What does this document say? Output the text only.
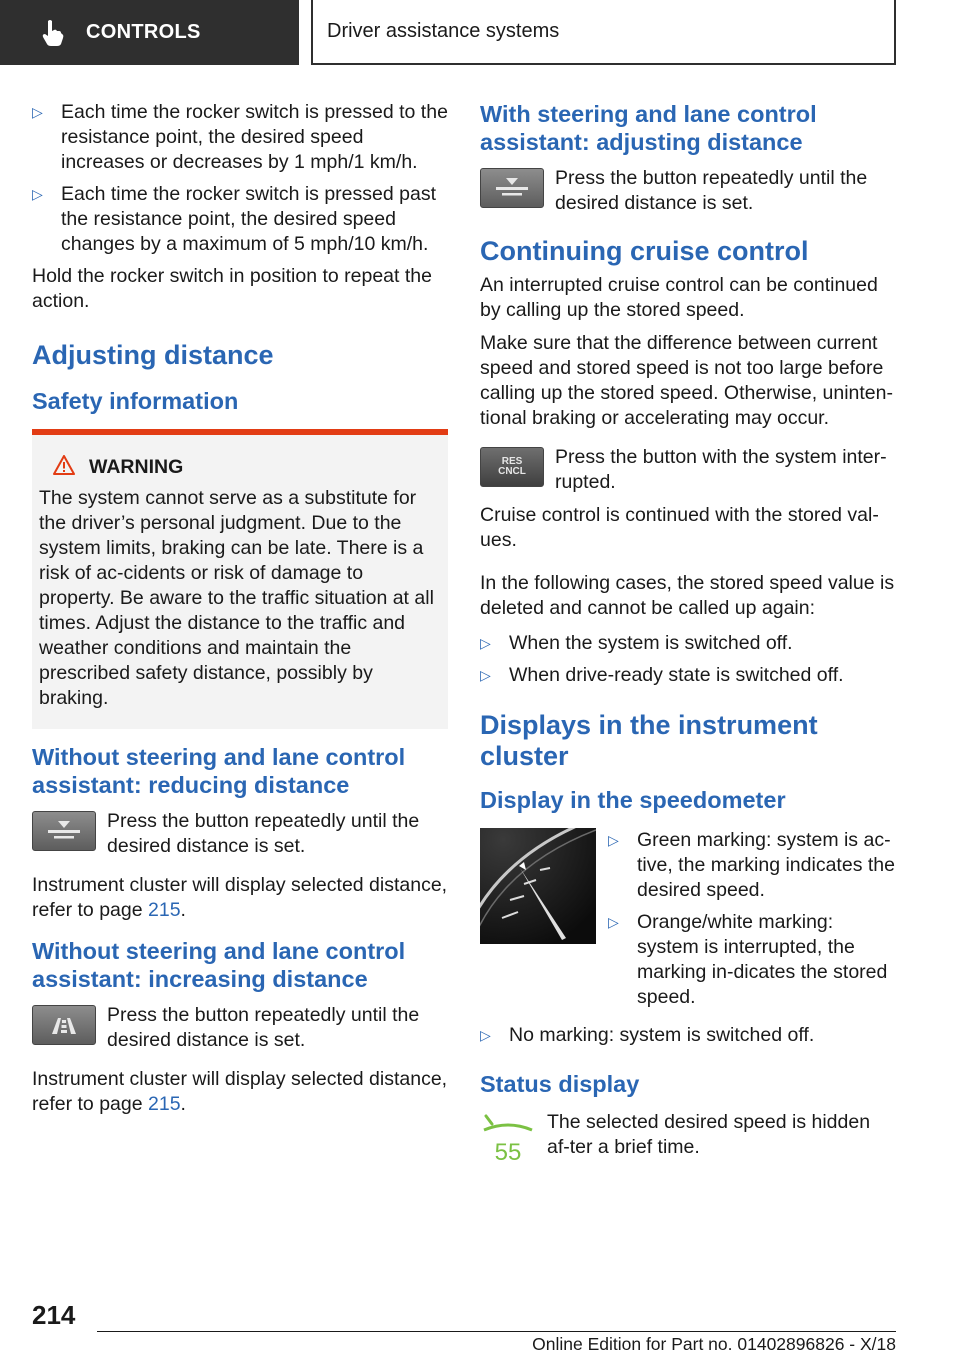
CONTROLS	Driver assistance systems
▷ Each time the rocker switch is pressed to the resistance point, the desired speed increases or decreases by 1 mph/1 km/h.
▷ Each time the rocker switch is pressed past the resistance point, the desired speed changes by a maximum of 5 mph/10 km/h.

Hold the rocker switch in position to repeat the action.

Adjusting distance
Safety information
WARNING

The system cannot serve as a substitute for the driver’s personal judgment. Due to the system limits, braking can be late. There is a risk of ac‐cidents or risk of damage to property. Be aware to the traffic situation at all times. Adjust the distance to the traffic and weather conditions and maintain the prescribed safety distance, possibly by braking.

Without steering and lane control assistant: reducing distance
Press the button repeatedly until the desired distance is set.

Instrument cluster will display selected distance, refer to page 215.

Without steering and lane control assistant: increasing distance
Press the button repeatedly until the desired distance is set.

Instrument cluster will display selected distance, refer to page 215.

With steering and lane control assistant: adjusting distance
Press the button repeatedly until the desired distance is set.
Continuing cruise control

An interrupted cruise control can be continued by calling up the stored speed.

Make sure that the difference between current speed and stored speed is not too large before calling up the stored speed. Otherwise, uninten‐tional braking or accelerating may occur.

RES
CNCL
Press the button with the system inter‐rupted.

Cruise control is continued with the stored val‐ues.

In the following cases, the stored speed value is deleted and cannot be called up again:

▷ When the system is switched off.
▷ When drive-ready state is switched off.
Displays in the instrument cluster
Display in the speedometer
▷ Green marking: system is ac‐tive, the marking indicates the desired speed.
▷ Orange/white marking: system is interrupted, the marking in‐dicates the stored speed.
▷ No marking: system is switched off.
Status display
55
The selected desired speed is hidden af‐ter a brief time.
214
Online Edition for Part no. 01402896826 - X/18
